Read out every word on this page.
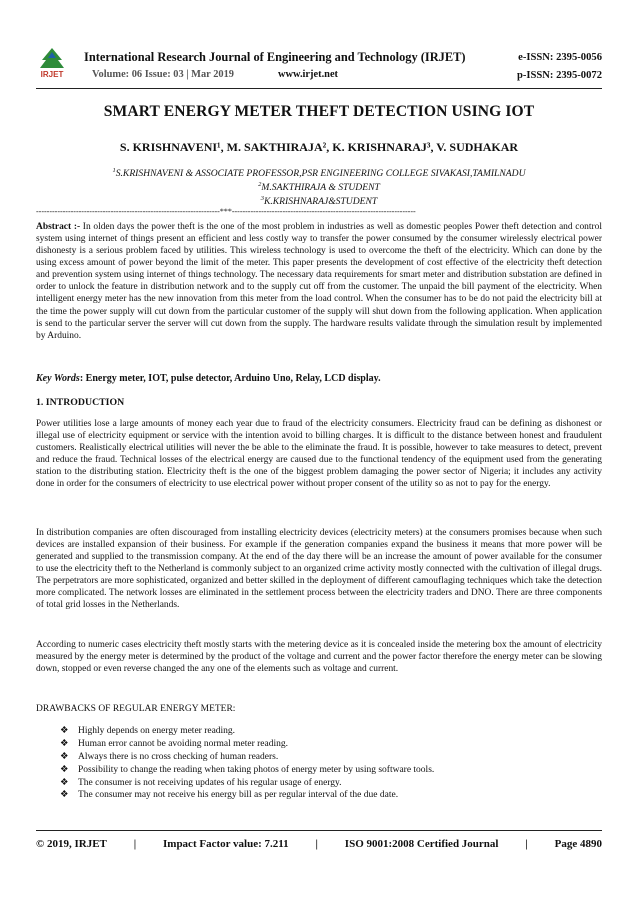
IRJET
International Research Journal of Engineering and Technology (IRJET)
Volume: 06 Issue: 03 | Mar 2019	www.irjet.net
e-ISSN: 2395-0056
p-ISSN: 2395-0072
SMART ENERGY METER THEFT DETECTION USING IOT
S. KRISHNAVENI¹, M. SAKTHIRAJA², K. KRISHNARAJ³, V. SUDHAKAR
$^1$S.KRISHNAVENI & ASSOCIATE PROFESSOR,PSR ENGINEERING COLLEGE SIVAKASI,TAMILNADU
$^2$M.SAKTHIRAJA & STUDENT
$^3$K.KRISHNARAJ&STUDENT
---------------------------------------------------------------------***---------------------------------------------------------------------
Abstract :- In olden days the power theft is the one of the most problem in industries as well as domestic peoples Power theft detection and control system using internet of things present an efficient and less costly way to transfer the power consumed by the consumer wirelessly electrical power dishonesty is a serious problem faced by utilities. This wireless technology is used to overcome the theft of the electricity. Which can done by the using excess amount of power beyond the limit of the meter. This paper presents the development of cost effective of the electricity theft detection and prevention system using internet of things technology. The necessary data requirements for smart meter and distribution substation are defined in order to unlock the feature in distribution network and to the supply cut off from the customer. The unpaid the bill payment of the electricity. When intelligent energy meter has the new innovation from this meter from the load control. When the consumer has to be do not paid the electricity bill at the time the power supply will cut down from the particular customer of the supply will shut down from the following application. When application is send to the particular server the server will cut down from the supply. The hardware results validate through the simulation result by implemented by Arduino.
Key Words: Energy meter, IOT, pulse detector, Arduino Uno, Relay, LCD display.
1. INTRODUCTION
Power utilities lose a large amounts of money each year due to fraud of the electricity consumers. Electricity fraud can be defining as dishonest or illegal use of electricity equipment or service with the intention avoid to billing charges. It is difficult to the distance between honest and fraudulent customers. Realistically electrical utilities will never the be able to the eliminate the fraud. It is possible, however to take measures to detect, prevent and reduce the fraud. Technical losses of the electrical energy are caused due to the functional tendency of the equipment used from the generating station to the distributing station. Electricity theft is the one of the biggest problem damaging the power sector of Nigeria; it includes any activity done in order for the consumers of electricity to use electrical power without proper consent of the utility so as not to pay for the energy.
In distribution companies are often discouraged from installing electricity devices (electricity meters) at the consumers promises because when such devices are installed expansion of their business. For example if the generation companies expand the business it means that more power will be generated and supplied to the transmission company. At the end of the day there will be an increase the amount of power available for the consumer to use the electricity theft to the Netherland is commonly subject to an organized crime activity mostly connected with the cultivation of illegal drugs. The perpetrators are more sophisticated, organized and better skilled in the deployment of different camouflaging techniques which take the detection more complicated. The network losses are eliminated in the settlement process between the electricity traders and DNO. There are three components of total grid losses in the Netherlands.
According to numeric cases electricity theft mostly starts with the metering device as it is concealed inside the metering box the amount of electricity measured by the energy meter is determined by the product of the voltage and current and the power factor therefore the energy meter can be slowing down, stopped or even reverse changed the any one of the elements such as voltage and current.
DRAWBACKS OF REGULAR ENERGY METER:
❖ Highly depends on energy meter reading.
❖ Human error cannot be avoiding normal meter reading.
❖ Always there is no cross checking of human readers.
❖ Possibility to change the reading when taking photos of energy meter by using software tools.
❖ The consumer is not receiving updates of his regular usage of energy.
❖ The consumer may not receive his energy bill as per regular interval of the due date.
© 2019, IRJET | Impact Factor value: 7.211 | ISO 9001:2008 Certified Journal | Page 4890
